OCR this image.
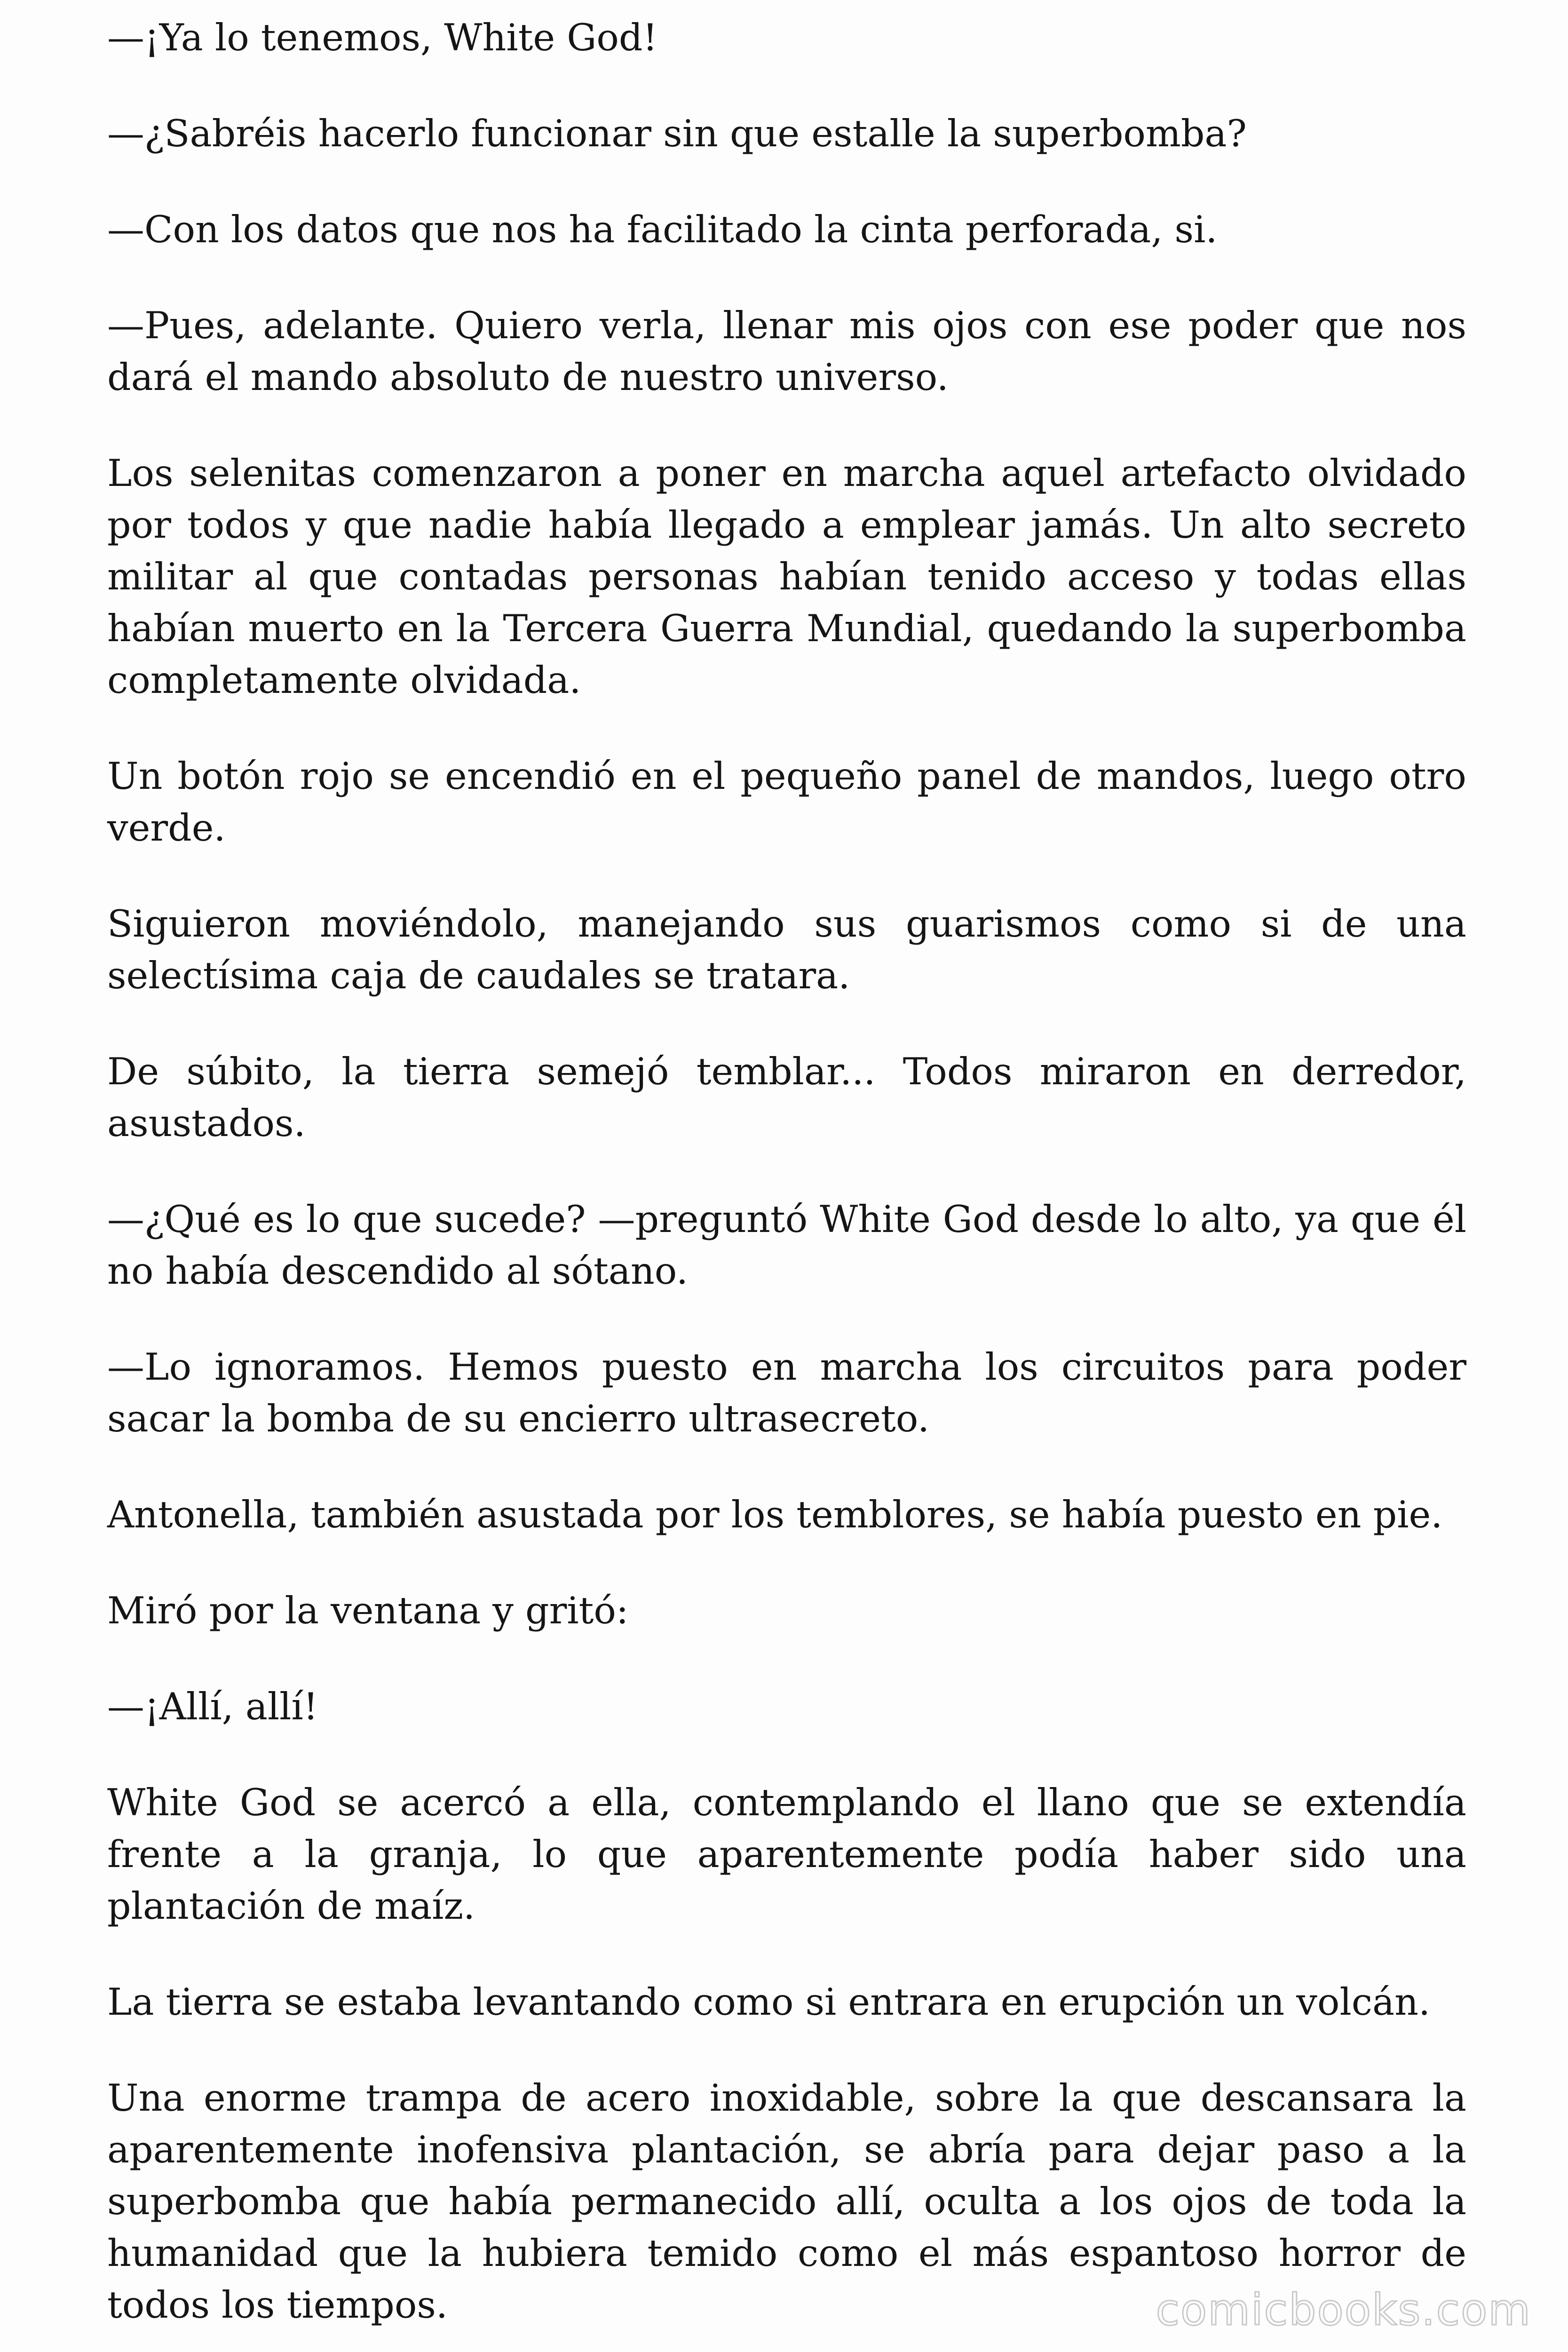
—¡Ya lo tenemos, White God!

—¿Sabréis hacerlo funcionar sin que estalle la superbomba?

—Con los datos que nos ha facilitado la cinta perforada, si.

—Pues, adelante. Quiero verla, llenar mis ojos con ese poder que nos dará el mando absoluto de nuestro universo.

Los selenitas comenzaron a poner en marcha aquel artefacto olvidado por todos y que nadie había llegado a emplear jamás. Un alto secreto militar al que contadas personas habían tenido acceso y todas ellas habían muerto en la Tercera Guerra Mundial, quedando la superbomba completamente olvidada.

Un botón rojo se encendió en el pequeño panel de mandos, luego otro verde.

Siguieron moviéndolo, manejando sus guarismos como si de una selectísima caja de caudales se tratara.

De súbito, la tierra semejó temblar... Todos miraron en derredor, asustados.

—¿Qué es lo que sucede? —preguntó White God desde lo alto, ya que él no había descendido al sótano.

—Lo ignoramos. Hemos puesto en marcha los circuitos para poder sacar la bomba de su encierro ultrasecreto.

Antonella, también asustada por los temblores, se había puesto en pie.

Miró por la ventana y gritó:

—¡Allí, allí!

White God se acercó a ella, contemplando el llano que se extendía frente a la granja, lo que aparentemente podía haber sido una plantación de maíz.

La tierra se estaba levantando como si entrara en erupción un volcán.

Una enorme trampa de acero inoxidable, sobre la que descansara la aparentemente inofensiva plantación, se abría para dejar paso a la superbomba que había permanecido allí, oculta a los ojos de toda la humanidad que la hubiera temido como el más espantoso horror de todos los tiempos.	comicbooks.com
